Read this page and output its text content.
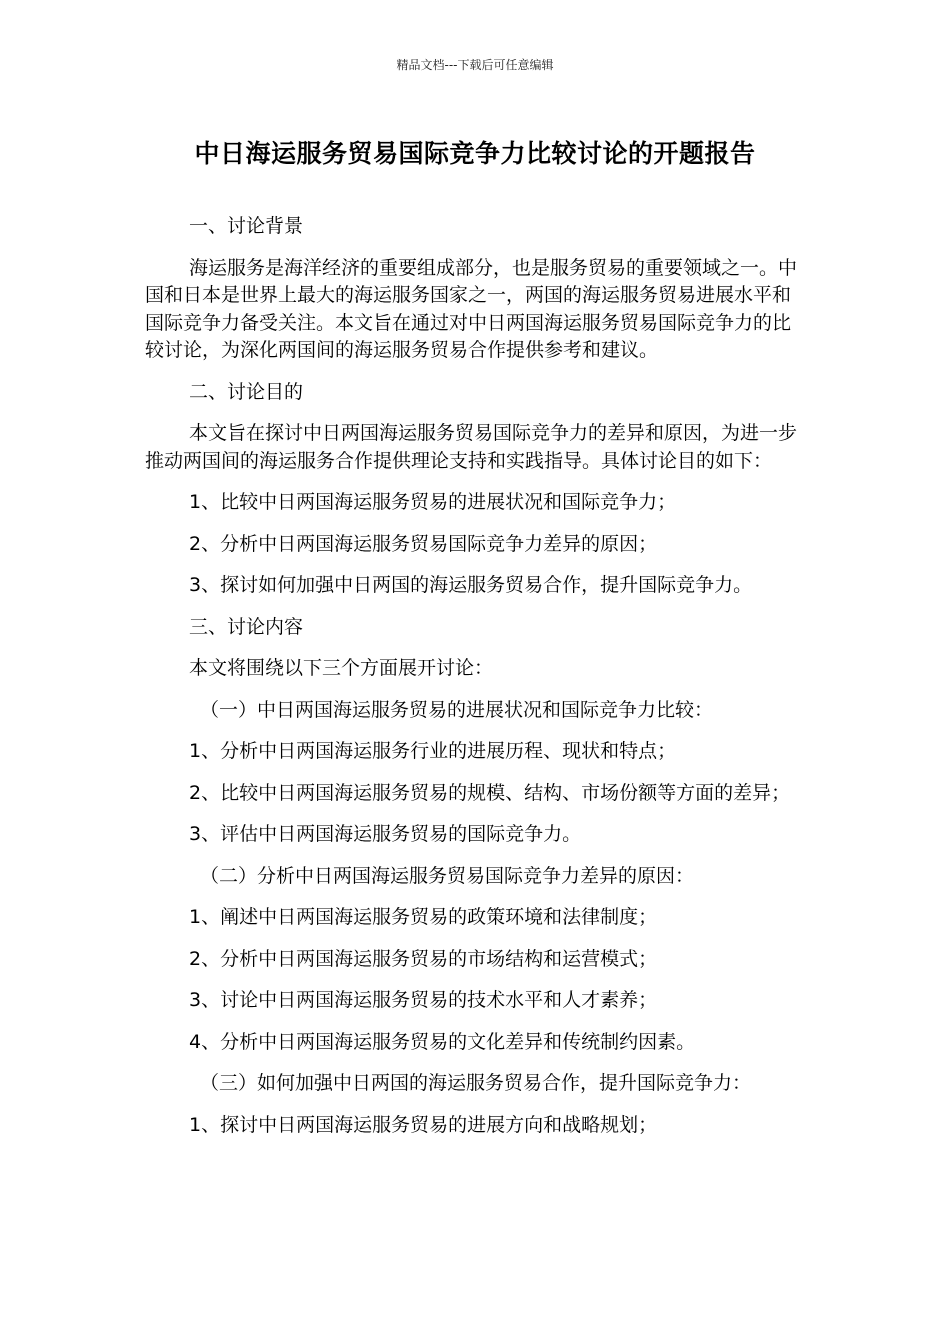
精品文档---下载后可任意编辑
中日海运服务贸易国际竞争力比较讨论的开题报告

一、讨论背景

海运服务是海洋经济的重要组成部分，也是服务贸易的重要领域之一。中国和日本是世界上最大的海运服务国家之一，两国的海运服务贸易进展水平和国际竞争力备受关注。本文旨在通过对中日两国海运服务贸易国际竞争力的比较讨论，为深化两国间的海运服务贸易合作提供参考和建议。

二、讨论目的

本文旨在探讨中日两国海运服务贸易国际竞争力的差异和原因，为进一步推动两国间的海运服务合作提供理论支持和实践指导。具体讨论目的如下：

1、比较中日两国海运服务贸易的进展状况和国际竞争力；

2、分析中日两国海运服务贸易国际竞争力差异的原因；

3、探讨如何加强中日两国的海运服务贸易合作，提升国际竞争力。

三、讨论内容

本文将围绕以下三个方面展开讨论：

（一）中日两国海运服务贸易的进展状况和国际竞争力比较：

1、分析中日两国海运服务行业的进展历程、现状和特点；

2、比较中日两国海运服务贸易的规模、结构、市场份额等方面的差异；

3、评估中日两国海运服务贸易的国际竞争力。

（二）分析中日两国海运服务贸易国际竞争力差异的原因：

1、阐述中日两国海运服务贸易的政策环境和法律制度；

2、分析中日两国海运服务贸易的市场结构和运营模式；

3、讨论中日两国海运服务贸易的技术水平和人才素养；

4、分析中日两国海运服务贸易的文化差异和传统制约因素。

（三）如何加强中日两国的海运服务贸易合作，提升国际竞争力：

1、探讨中日两国海运服务贸易的进展方向和战略规划；
